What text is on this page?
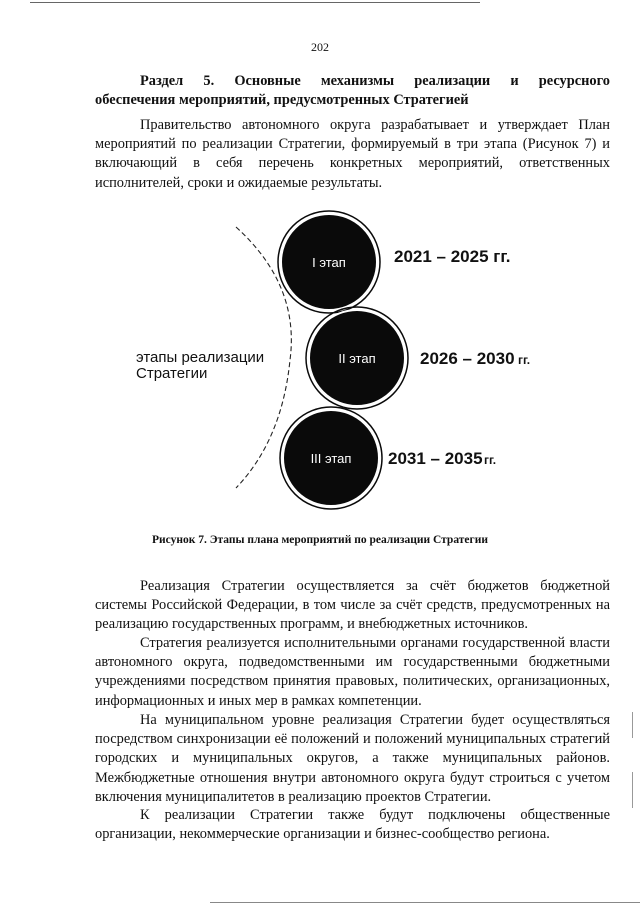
202
Раздел 5. Основные механизмы реализации и ресурсного
обеспечения мероприятий, предусмотренных Стратегией

Правительство автономного округа разрабатывает и утверждает План мероприятий по реализации Стратегии, формируемый в три этапа (Рисунок 7) и включающий в себя перечень конкретных мероприятий, ответственных исполнителей, сроки и ожидаемые результаты.

этапы реализации
Стратегии
I этап	2021 – 2025 гг.
II этап	2026 – 2030 гг.
III этап 2031 – 2035 гг.
Рисунок 7. Этапы плана мероприятий по реализации Стратегии

Реализация Стратегии осуществляется за счёт бюджетов бюджетной системы Российской Федерации, в том числе за счёт средств, предусмотренных на реализацию государственных программ, и внебюджетных источников.

Стратегия реализуется исполнительными органами государственной власти автономного округа, подведомственными им государственными бюджетными учреждениями посредством принятия правовых, политических, организационных, информационных и иных мер в рамках компетенции.

На муниципальном уровне реализация Стратегии будет осуществляться посредством синхронизации её положений и положений муниципальных стратегий городских и муниципальных округов, а также муниципальных районов. Межбюджетные отношения внутри автономного округа будут строиться с учетом включения муниципалитетов в реализацию проектов Стратегии.

К реализации Стратегии также будут подключены общественные организации, некоммерческие организации и бизнес-сообщество региона.
